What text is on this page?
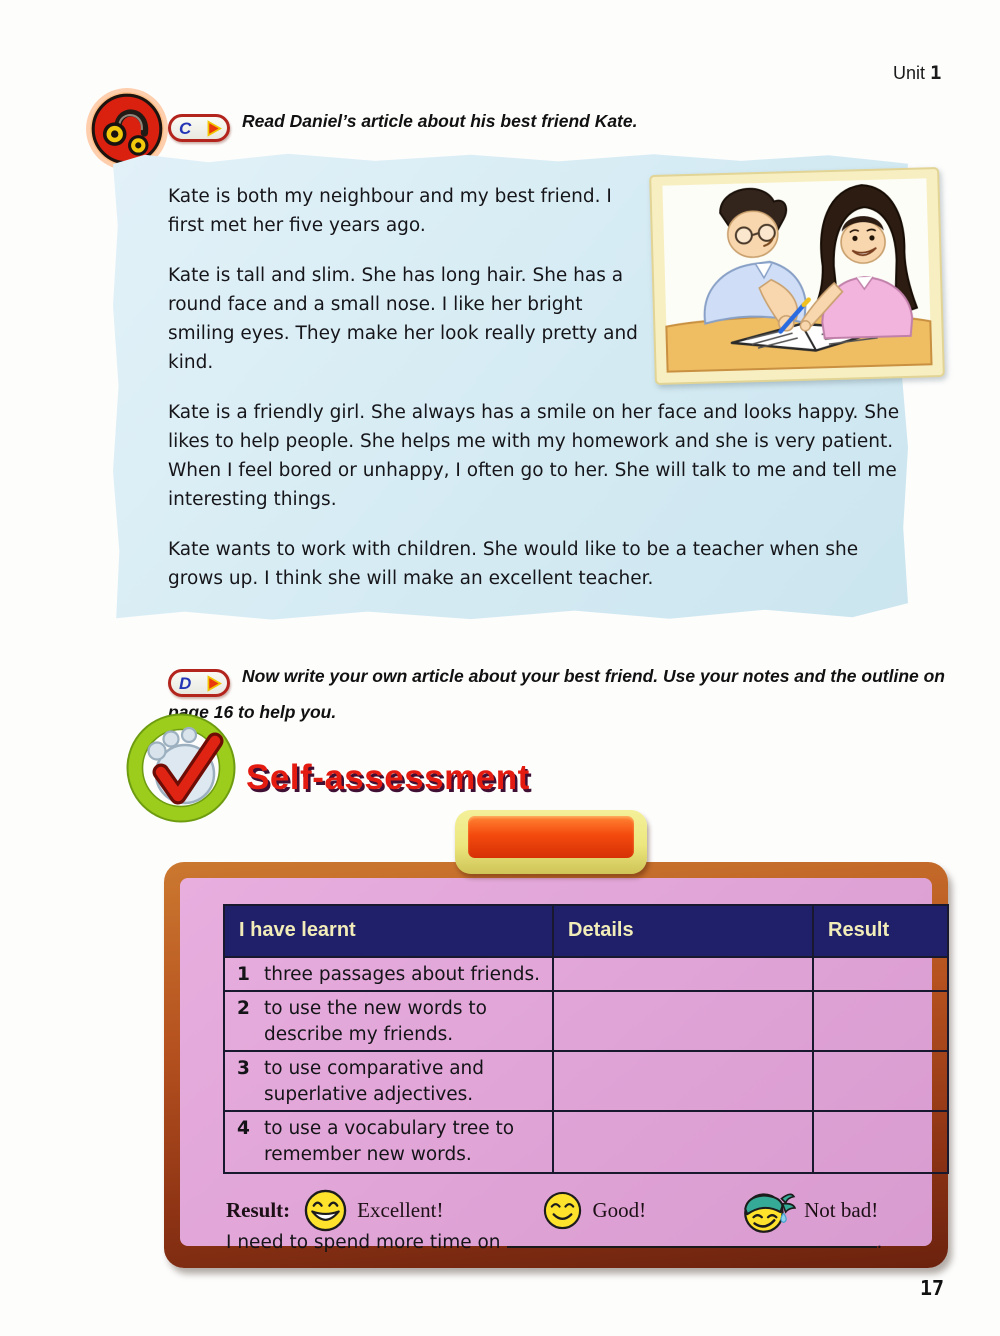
Unit 1

C	Read Daniel’s article about his best friend Kate.

Kate is both my neighbour and my best friend. I first met her five years ago.

Kate is tall and slim. She has long hair. She has a round face and a small nose. I like her bright smiling eyes. They make her look really pretty and kind.

Kate is a friendly girl. She always has a smile on her face and looks happy. She likes to help people. She helps me with my homework and she is very patient. When I feel bored or unhappy, I often go to her. She will talk to me and tell me interesting things.

Kate wants to work with children. She would like to be a teacher when she grows up. I think she will make an excellent teacher.

D	Now write your own article about your best friend. Use your notes and the outline on page 16 to help you.

Self-assessment
I have learnt	Details	Result
1 three passages about friends.
2 to use the new words to describe my friends.
3 to use comparative and superlative adjectives.
4 to use a vocabulary tree to remember new words.
Result:	Excellent!	Good!	Not bad!
I need to spend more time on	.
17
